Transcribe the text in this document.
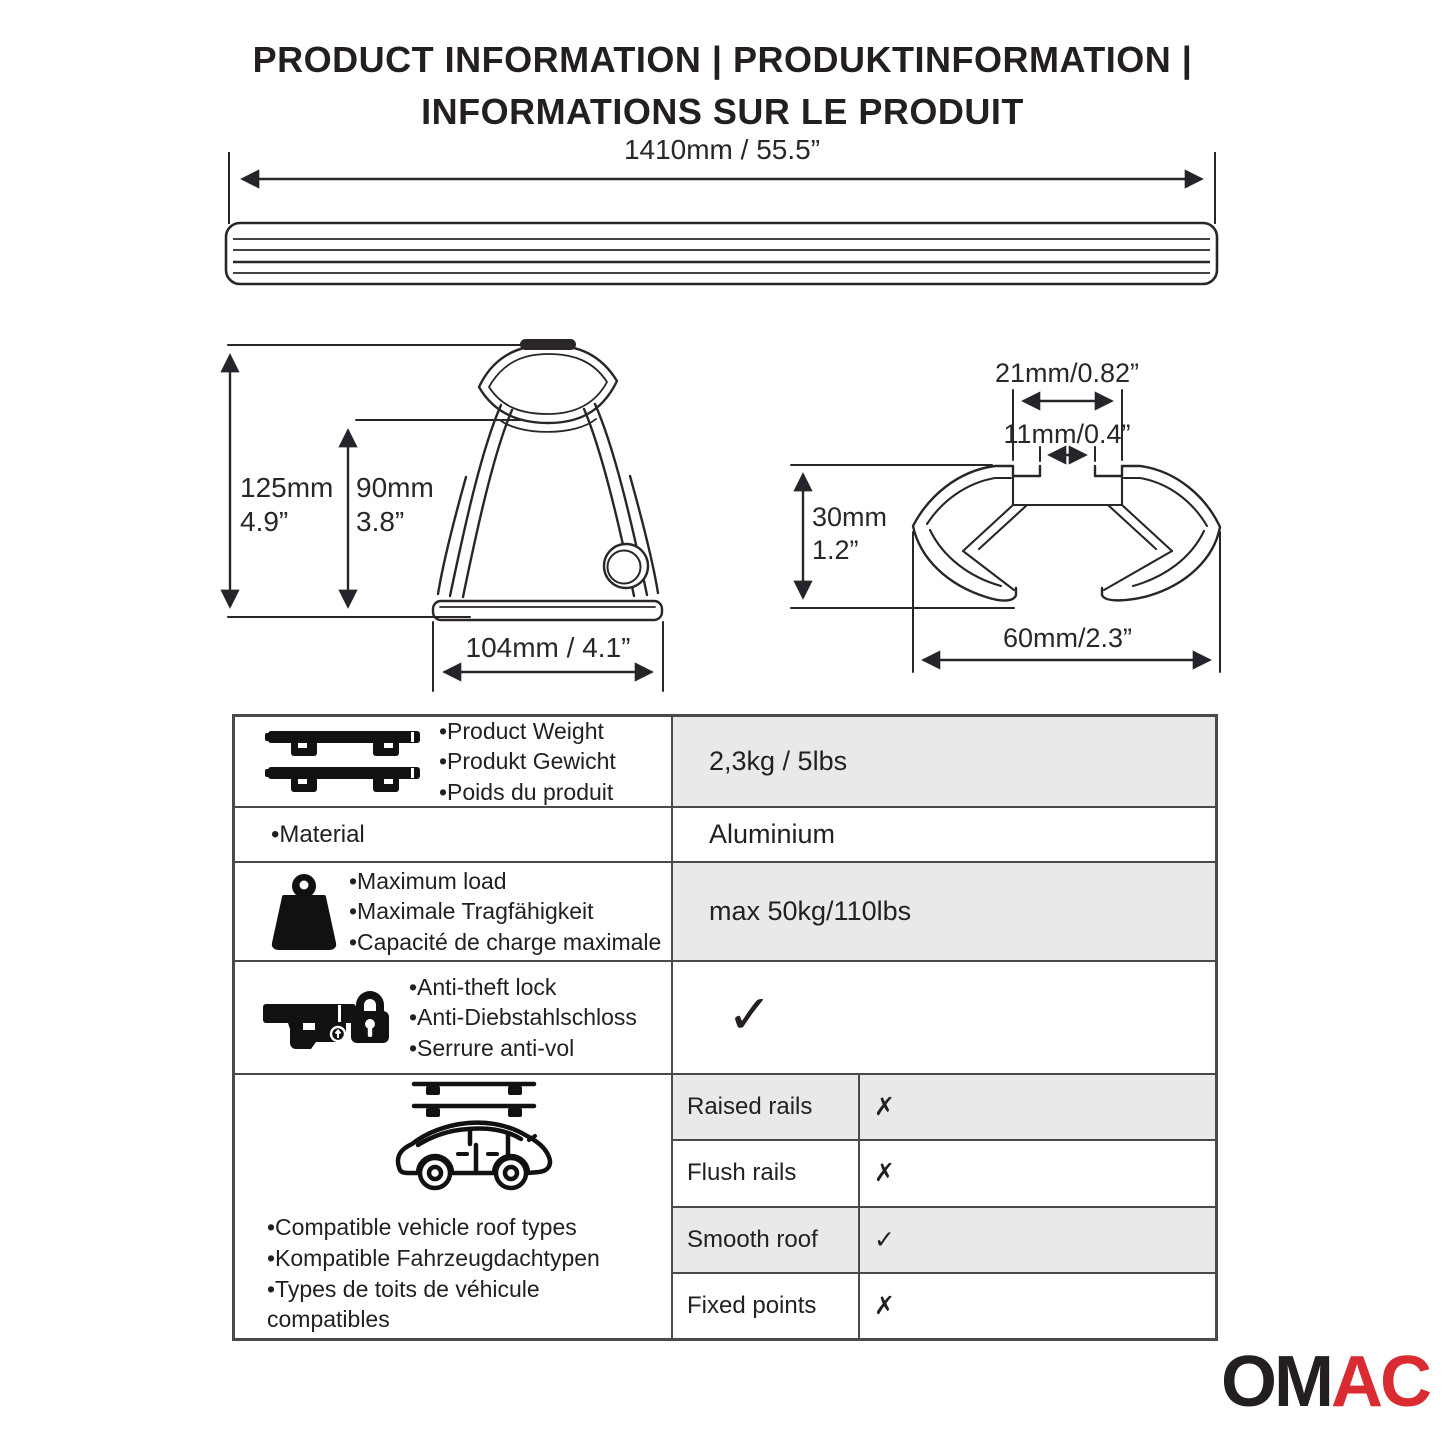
PRODUCT INFORMATION | PRODUKTINFORMATION |
INFORMATIONS SUR LE PRODUIT
1410mm / 55.5”
125mm
4.9”
90mm
3.8”
104mm / 4.1”
21mm/0.82”
11mm/0.4”
30mm
1.2”
60mm/2.3”
•Product Weight
•Produkt Gewicht
•Poids du produit
2,3kg / 5lbs
•Material	Aluminium
•Maximum load
•Maximale Tragfähigkeit
•Capacité de charge maximale
max 50kg/110lbs
•Anti-theft lock
•Anti-Diebstahlschloss
•Serrure anti-vol
✓
•Compatible vehicle roof types
•Kompatible Fahrzeugdachtypen
•Types de toits de véhicule
compatibles
Raised rails	✗
Flush rails	✗
Smooth roof	✓
Fixed points	✗
OMAC
